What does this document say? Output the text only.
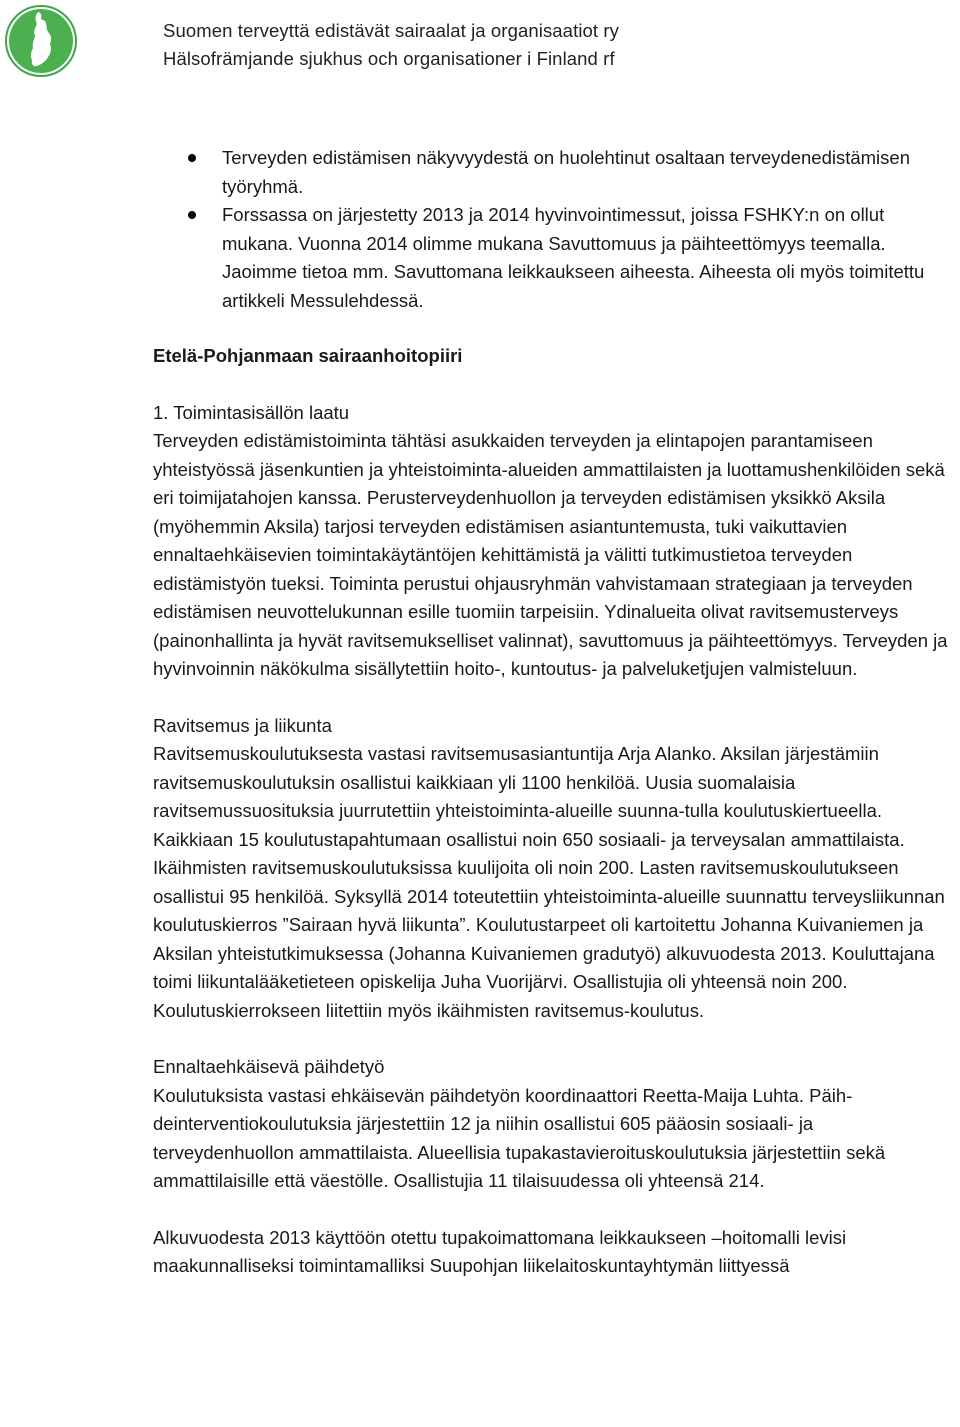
Suomen terveyttä edistävät sairaalat ja organisaatiot ry
Hälsofrämjande sjukhus och organisationer i Finland rf
Terveyden edistämisen näkyvyydestä on huolehtinut osaltaan terveydenedistämisen työryhmä.
Forssassa on järjestetty 2013 ja 2014 hyvinvointimessut, joissa FSHKY:n on ollut mukana. Vuonna 2014 olimme mukana Savuttomuus ja päihteettömyys teemalla. Jaoimme tietoa mm. Savuttomana leikkaukseen aiheesta. Aiheesta oli myös toimitettu artikkeli Messulehdessä.
Etelä-Pohjanmaan sairaanhoitopiiri

1. Toimintasisällön laatu

Terveyden edistämistoiminta tähtäsi asukkaiden terveyden ja elintapojen parantamiseen yhteistyössä jäsenkuntien ja yhteistoiminta-alueiden ammattilaisten ja luottamushenkilöiden sekä eri toimijatahojen kanssa. Perusterveydenhuollon ja terveyden edistämisen yksikkö Aksila (myöhemmin Aksila) tarjosi terveyden edistämisen asiantuntemusta, tuki vaikuttavien ennaltaehkäisevien toimintakäytäntöjen kehittämistä ja välitti tutkimustietoa terveyden edistämistyön tueksi. Toiminta perustui ohjausryhmän vahvistamaan strategiaan ja terveyden edistämisen neuvottelukunnan esille tuomiin tarpeisiin. Ydinalueita olivat ravitsemusterveys (painonhallinta ja hyvät ravitsemukselliset valinnat), savuttomuus ja päihteettömyys. Terveyden ja hyvinvoinnin näkökulma sisällytettiin hoito-, kuntoutus- ja palveluketjujen valmisteluun.

Ravitsemus ja liikunta

Ravitsemuskoulutuksesta vastasi ravitsemusasiantuntija Arja Alanko. Aksilan järjestämiin ravitsemuskoulutuksin osallistui kaikkiaan yli 1100 henkilöä. Uusia suomalaisia ravitsemussuosituksia juurrutettiin yhteistoiminta-alueille suunna-tulla koulutuskiertueella. Kaikkiaan 15 koulutustapahtumaan osallistui noin 650 sosiaali- ja terveysalan ammattilaista. Ikäihmisten ravitsemuskoulutuksissa kuulijoita oli noin 200. Lasten ravitsemuskoulutukseen osallistui 95 henkilöä. Syksyllä 2014 toteutettiin yhteistoiminta-alueille suunnattu terveysliikunnan koulutuskierros ”Sairaan hyvä liikunta”. Koulutustarpeet oli kartoitettu Johanna Kuivaniemen ja Aksilan yhteistutkimuksessa (Johanna Kuivaniemen gradutyö) alkuvuodesta 2013. Kouluttajana toimi liikuntalääketieteen opiskelija Juha Vuorijärvi. Osallistujia oli yhteensä noin 200. Koulutuskierrokseen liitettiin myös ikäihmisten ravitsemus-koulutus.

Ennaltaehkäisevä päihdetyö

Koulutuksista vastasi ehkäisevän päihdetyön koordinaattori Reetta-Maija Luhta. Päih-deinterventiokoulutuksia järjestettiin 12 ja niihin osallistui 605 pääosin sosiaali- ja terveydenhuollon ammattilaista. Alueellisia tupakastavieroituskoulutuksia järjestettiin sekä ammattilaisille että väestölle. Osallistujia 11 tilaisuudessa oli yhteensä 214.

Alkuvuodesta 2013 käyttöön otettu tupakoimattomana leikkaukseen –hoitomalli levisi maakunnalliseksi toimintamalliksi Suupohjan liikelaitoskuntayhtymän liittyessä
